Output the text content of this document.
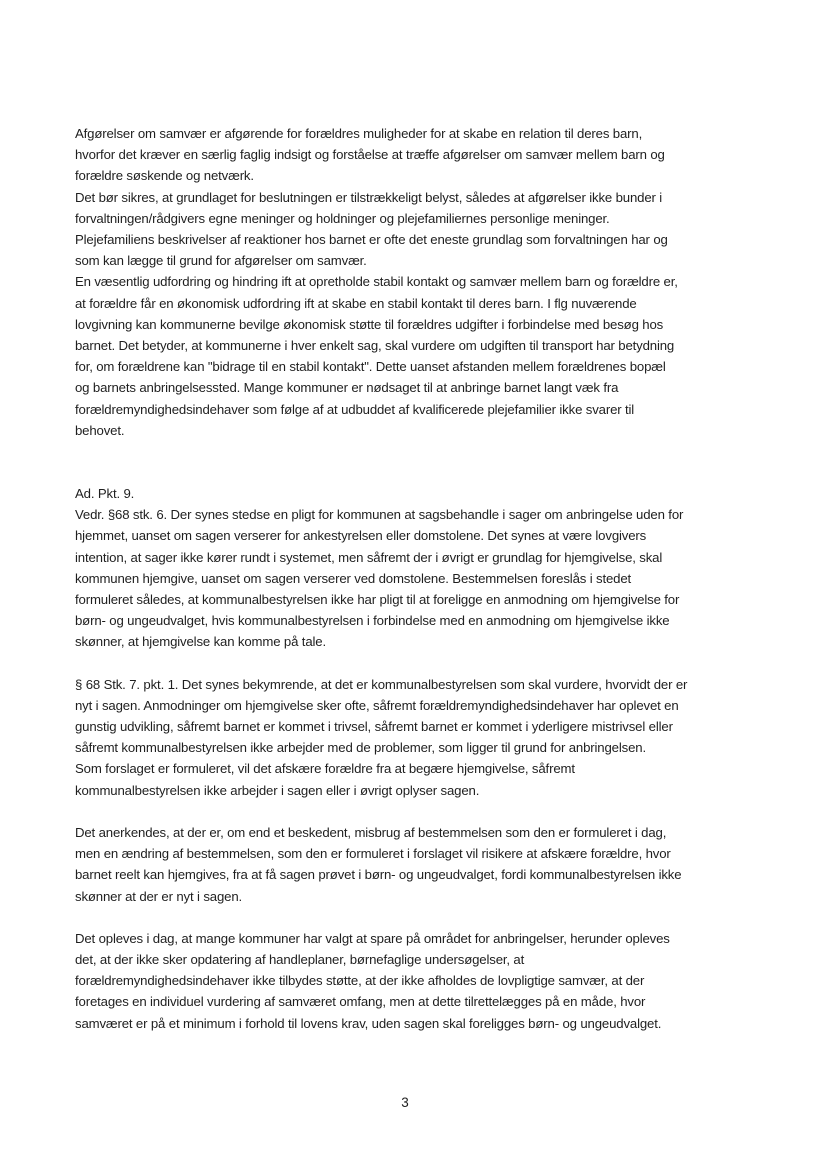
Afgørelser om samvær er afgørende for forældres muligheder for at skabe en relation til deres barn,
hvorfor det kræver en særlig faglig indsigt og forståelse at træffe afgørelser om samvær mellem barn og
forældre søskende og netværk.
Det bør sikres, at grundlaget for beslutningen er tilstrækkeligt belyst, således at afgørelser ikke bunder i
forvaltningen/rådgivers egne meninger og holdninger og plejefamiliernes personlige meninger.
Plejefamiliens beskrivelser af reaktioner hos barnet er ofte det eneste grundlag som forvaltningen har og
som kan lægge til grund for afgørelser om samvær.
En væsentlig udfordring og hindring ift at opretholde stabil kontakt og samvær mellem barn og forældre er,
at forældre får en økonomisk udfordring ift at skabe en stabil kontakt til deres barn. I flg nuværende
lovgivning kan kommunerne bevilge økonomisk støtte til forældres udgifter i forbindelse med besøg hos
barnet. Det betyder, at kommunerne i hver enkelt sag, skal vurdere om udgiften til transport har betydning
for, om forældrene kan "bidrage til en stabil kontakt". Dette uanset afstanden mellem forældrenes bopæl
og barnets anbringelsessted. Mange kommuner er nødsaget til at anbringe barnet langt væk fra
forældremyndighedsindehaver som følge af at udbuddet af kvalificerede plejefamilier ikke svarer til
behovet.
Ad. Pkt. 9.
Vedr. §68 stk. 6. Der synes stedse en pligt for kommunen at sagsbehandle i sager om anbringelse uden for
hjemmet, uanset om sagen verserer for ankestyrelsen eller domstolene. Det synes at være lovgivers
intention, at sager ikke kører rundt i systemet, men såfremt der i øvrigt er grundlag for hjemgivelse, skal
kommunen hjemgive, uanset om sagen verserer ved domstolene. Bestemmelsen foreslås i stedet
formuleret således, at kommunalbestyrelsen ikke har pligt til at foreligge en anmodning om hjemgivelse for
børn- og ungeudvalget, hvis kommunalbestyrelsen i forbindelse med en anmodning om hjemgivelse ikke
skønner, at hjemgivelse kan komme på tale.
§ 68 Stk. 7. pkt. 1. Det synes bekymrende, at det er kommunalbestyrelsen som skal vurdere, hvorvidt der er
nyt i sagen. Anmodninger om hjemgivelse sker ofte, såfremt forældremyndighedsindehaver har oplevet en
gunstig udvikling, såfremt barnet er kommet i trivsel, såfremt barnet er kommet i yderligere mistrivsel eller
såfremt kommunalbestyrelsen ikke arbejder med de problemer, som ligger til grund for anbringelsen.
Som forslaget er formuleret, vil det afskære forældre fra at begære hjemgivelse, såfremt
kommunalbestyrelsen ikke arbejder i sagen eller i øvrigt oplyser sagen.
Det anerkendes, at der er, om end et beskedent, misbrug af bestemmelsen som den er formuleret i dag,
men en ændring af bestemmelsen, som den er formuleret i forslaget vil risikere at afskære forældre, hvor
barnet reelt kan hjemgives, fra at få sagen prøvet i børn- og ungeudvalget, fordi kommunalbestyrelsen ikke
skønner at der er nyt i sagen.
Det opleves i dag, at mange kommuner har valgt at spare på området for anbringelser, herunder opleves
det, at der ikke sker opdatering af handleplaner, børnefaglige undersøgelser, at
forældremyndighedsindehaver ikke tilbydes støtte, at der ikke afholdes de lovpligtige samvær, at der
foretages en individuel vurdering af samværet omfang, men at dette tilrettelægges på en måde, hvor
samværet er på et minimum i forhold til lovens krav, uden sagen skal foreligges børn- og ungeudvalget.
3
